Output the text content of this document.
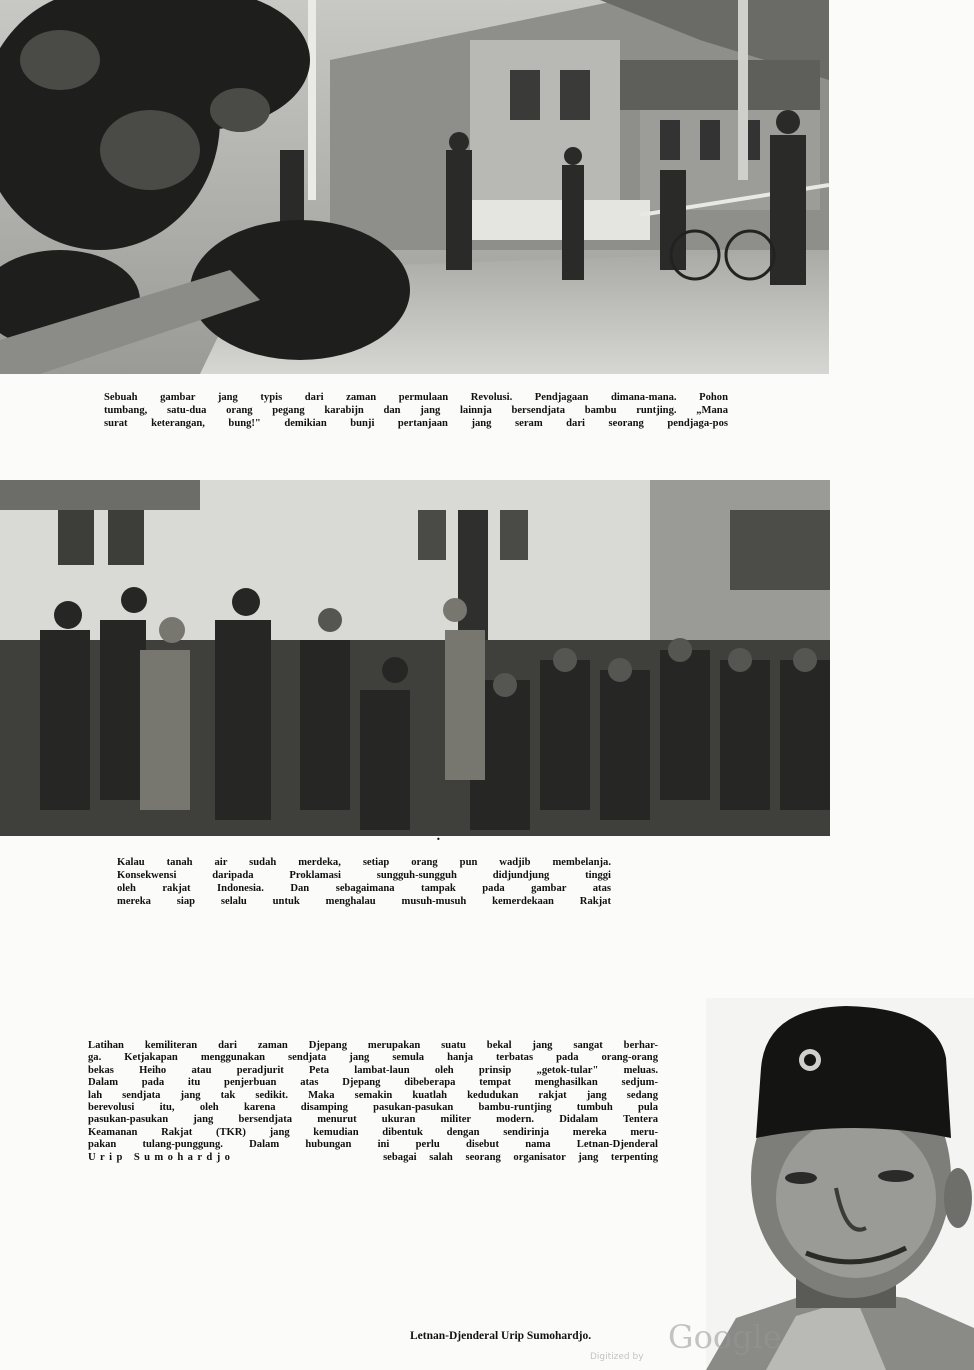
Sebuah gambar jang typis dari zaman permulaan Revolusi. Pendjagaan dimana-mana. Pohon
tumbang, satu-dua orang pegang karabijn dan jang lainnja bersendjata bambu runtjing. „Mana
surat keterangan, bung!" demikian bunji pertanjaan jang seram dari seorang pendjaga-pos

•

Kalau tanah air sudah merdeka, setiap orang pun wadjib membelanja.
Konsekwensi daripada Proklamasi sungguh-sungguh didjundjung tinggi
oleh rakjat Indonesia. Dan sebagaimana tampak pada gambar atas
mereka siap selalu untuk menghalau musuh-musuh kemerdekaan Rakjat

Latihan kemiliteran dari zaman Djepang merupakan suatu bekal jang sangat berhar-
ga. Ketjakapan menggunakan sendjata jang semula hanja terbatas pada orang-orang
bekas Heiho atau peradjurit Peta lambat-laun oleh prinsip „getok-tular" meluas.
Dalam pada itu penjerbuan atas Djepang dibeberapa tempat menghasilkan sedjum-
lah sendjata jang tak sedikit. Maka semakin kuatlah kedudukan rakjat jang sedang
berevolusi itu, oleh karena disamping pasukan-pasukan bambu-runtjing tumbuh pula
pasukan-pasukan jang bersendjata menurut ukuran militer modern. Didalam Tentera
Keamanan Rakjat (TKR) jang kemudian dibentuk dengan sendirinja mereka meru-
pakan tulang-punggung. Dalam hubungan ini perlu disebut nama Letnan-Djenderal
Urip Sumohardjo	sebagai salah seorang organisator jang terpenting
Letnan-Djenderal Urip Sumohardjo.
Digitized by
Google
